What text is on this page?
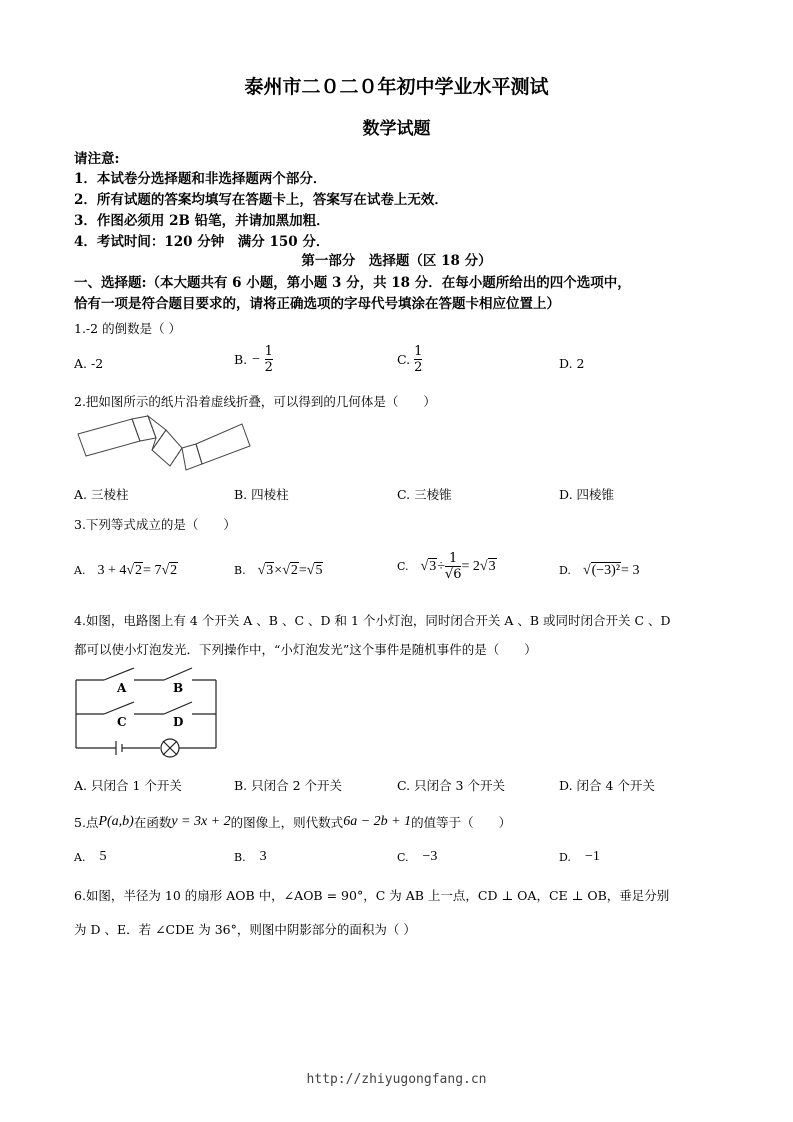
泰州市二０二０年初中学业水平测试
数学试题
请注意:
1．本试卷分选择题和非选择题两个部分．
2．所有试题的答案均填写在答题卡上，答案写在试卷上无效．
3．作图必须用 2B 铅笔，并请加黑加粗．
4．考试时间：120 分钟　满分 150 分．
第一部分　选择题（区 18 分）
一、选择题:（本大题共有 6 小题，第小题 3 分，共 18 分．在每小题所给出的四个选项中，
恰有一项是符合题目要求的，请将正确选项的字母代号填涂在答题卡相应位置上）
1.-2 的倒数是（ ）
A. -2	B. − $\frac{1}{2}$	C. $\frac{1}{2}$	D. 2
2.把如图所示的纸片沿着虚线折叠，可以得到的几何体是（　　）
A. 三棱柱	B. 四棱柱	C. 三棱锥	D. 四棱锥
3.下列等式成立的是（　　）
A. 3 + 4 √ 2 = 7 √ 2	B. √ 3 × √ 2 = √ 5	C. √ $3 \div \frac{1}{√6} = 2$ √ 3	D. √ (−3)² = 3
4.如图，电路图上有 4 个开关 A 、B 、C 、D 和 1 个小灯泡，同时闭合开关 A 、B 或同时闭合开关 C 、D
都可以使小灯泡发光．下列操作中，“小灯泡发光”这个事件是随机事件的是（　　）
A	B
C	D
A. 只闭合 1 个开关	B. 只闭合 2 个开关	C. 只闭合 3 个开关	D. 闭合 4 个开关
5.点 P(a,b) 在函数 y = 3x + 2 的图像上，则代数式 6a − 2b + 1 的值等于（　　）
A. 5	B. 3	C. −3	D. −1
6.如图，半径为 10 的扇形 AOB 中，∠AOB = 90°，C 为 AB 上一点，CD ⊥ OA，CE ⊥ OB，垂足分别
为 D 、E．若 ∠CDE 为 36°，则图中阴影部分的面积为（ ）
http://zhiyugongfang.cn
